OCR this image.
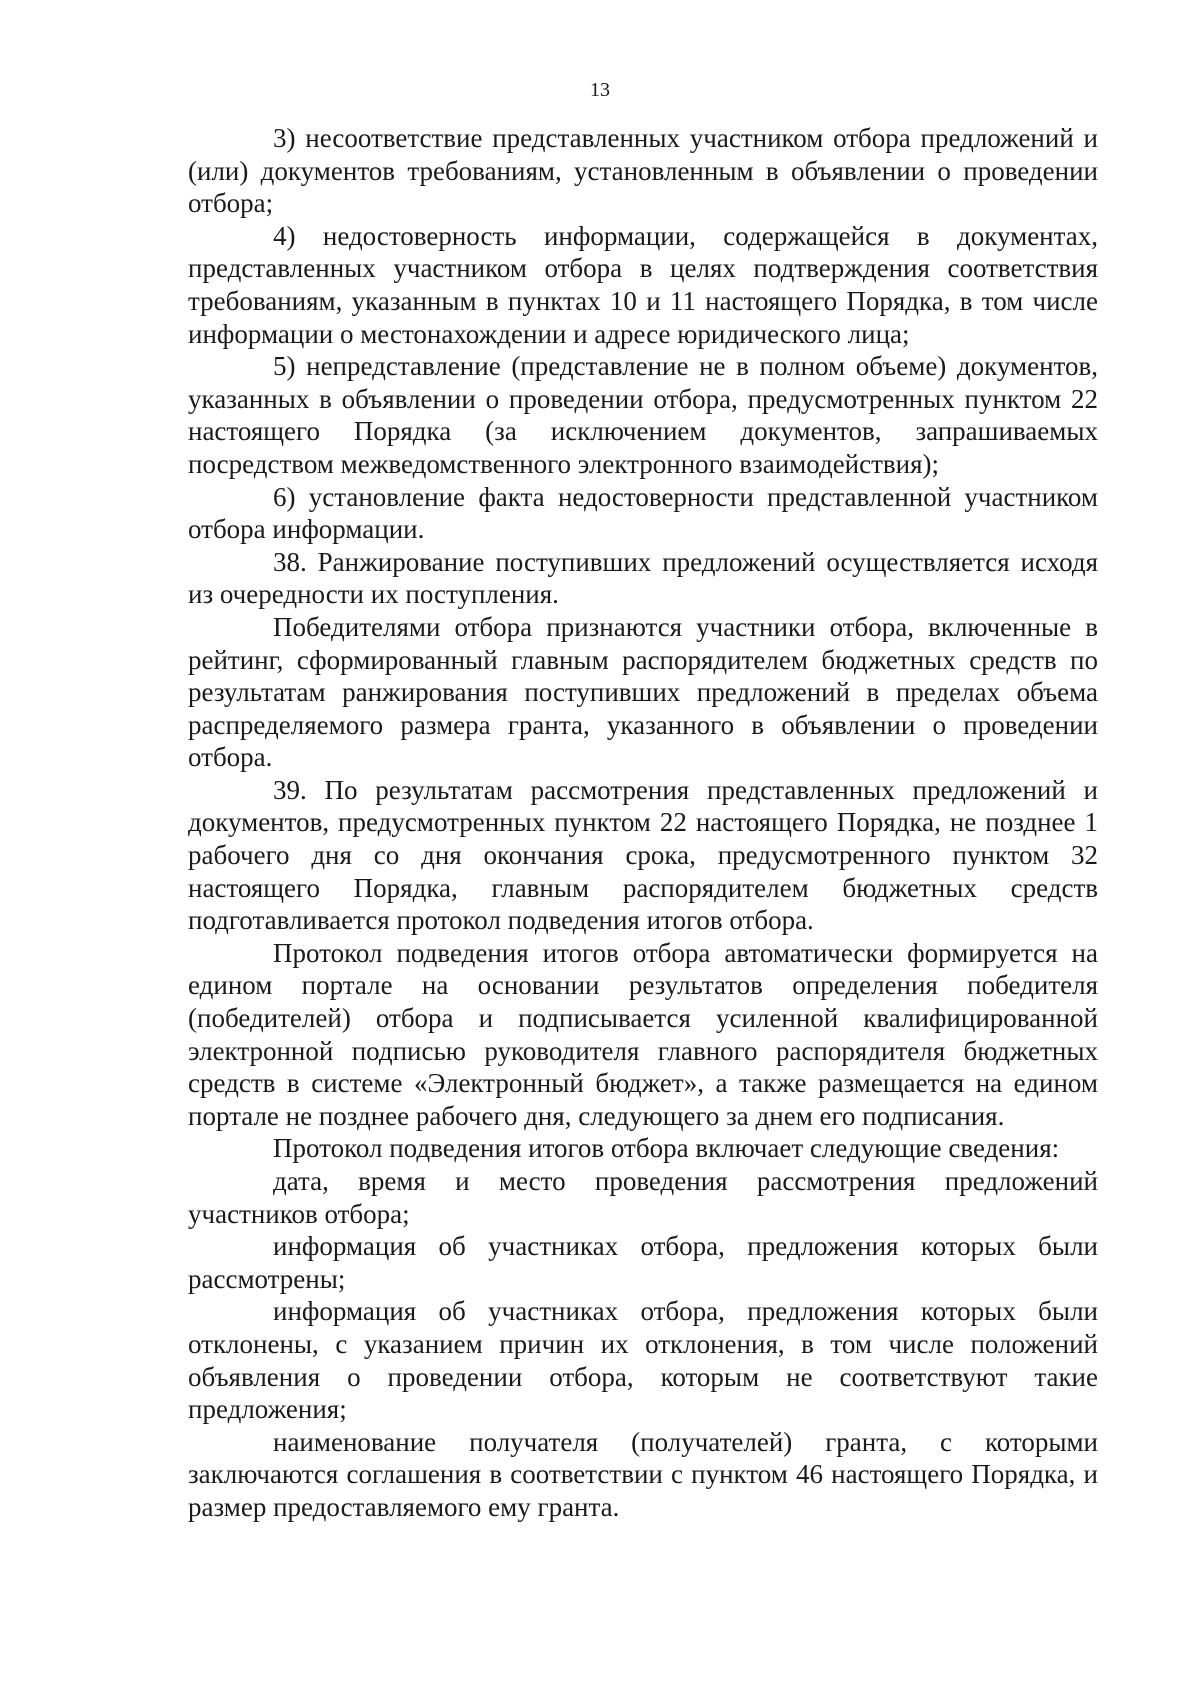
13

3) несоответствие представленных участником отбора предложений и (или) документов требованиям, установленным в объявлении о проведении отбора;

4) недостоверность информации, содержащейся в документах, представленных участником отбора в целях подтверждения соответствия требованиям, указанным в пунктах 10 и 11 настоящего Порядка, в том числе информации о местонахождении и адресе юридического лица;

5) непредставление (представление не в полном объеме) документов, указанных в объявлении о проведении отбора, предусмотренных пунктом 22 настоящего Порядка (за исключением документов, запрашиваемых посредством межведомственного электронного взаимодействия);

6) установление факта недостоверности представленной участником отбора информации.

38. Ранжирование поступивших предложений осуществляется исходя из очередности их поступления.

Победителями отбора признаются участники отбора, включенные в рейтинг, сформированный главным распорядителем бюджетных средств по результатам ранжирования поступивших предложений в пределах объема распределяемого размера гранта, указанного в объявлении о проведении отбора.

39. По результатам рассмотрения представленных предложений и документов, предусмотренных пунктом 22 настоящего Порядка, не позднее 1 рабочего дня со дня окончания срока, предусмотренного пунктом 32 настоящего Порядка, главным распорядителем бюджетных средств подготавливается протокол подведения итогов отбора.

Протокол подведения итогов отбора автоматически формируется на едином портале на основании результатов определения победителя (победителей) отбора и подписывается усиленной квалифицированной электронной подписью руководителя главного распорядителя бюджетных средств в системе «Электронный бюджет», а также размещается на едином портале не позднее рабочего дня, следующего за днем его подписания.

Протокол подведения итогов отбора включает следующие сведения:

дата, время и место проведения рассмотрения предложений участников отбора;

информация об участниках отбора, предложения которых были рассмотрены;

информация об участниках отбора, предложения которых были отклонены, с указанием причин их отклонения, в том числе положений объявления о проведении отбора, которым не соответствуют такие предложения;

наименование получателя (получателей) гранта, с которыми заключаются соглашения в соответствии с пунктом 46 настоящего Порядка, и размер предоставляемого ему гранта.
